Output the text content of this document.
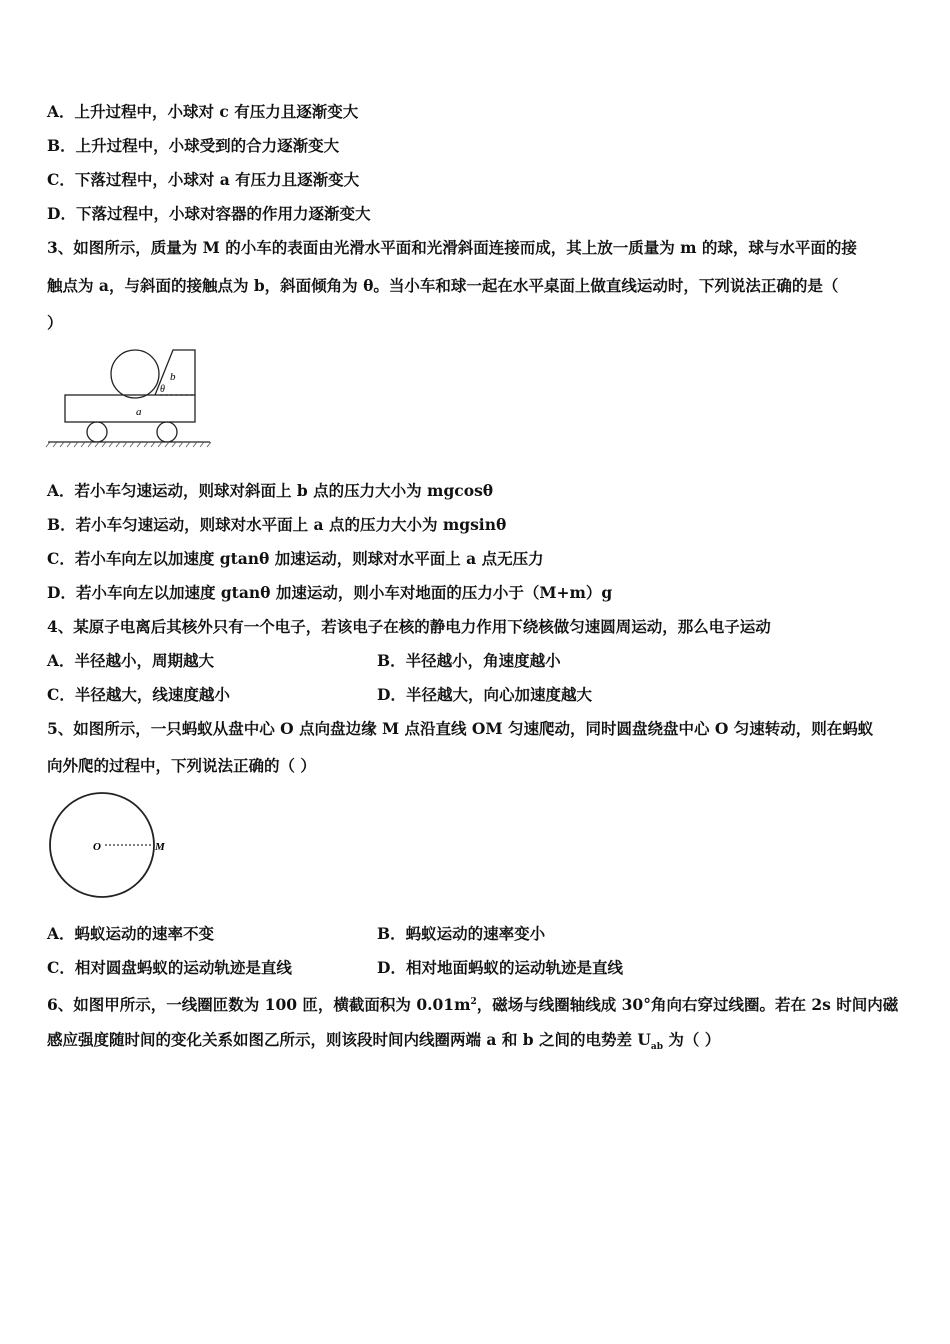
A．上升过程中，小球对 c 有压力且逐渐变大
B．上升过程中，小球受到的合力逐渐变大
C．下落过程中，小球对 a 有压力且逐渐变大
D．下落过程中，小球对容器的作用力逐渐变大
3、如图所示，质量为 M 的小车的表面由光滑水平面和光滑斜面连接而成，其上放一质量为 m 的球，球与水平面的接
触点为 a，与斜面的接触点为 b，斜面倾角为 θ。当小车和球一起在水平桌面上做直线运动时，下列说法正确的是（
）
a
b
θ
A．若小车匀速运动，则球对斜面上 b 点的压力大小为 mgcosθ
B．若小车匀速运动，则球对水平面上 a 点的压力大小为 mgsinθ
C．若小车向左以加速度 gtanθ 加速运动，则球对水平面上 a 点无压力
D．若小车向左以加速度 gtanθ 加速运动，则小车对地面的压力小于（M+m）g
4、某原子电离后其核外只有一个电子，若该电子在核的静电力作用下绕核做匀速圆周运动，那么电子运动
A．半径越小，周期越大	B．半径越小，角速度越小
C．半径越大，线速度越小	D．半径越大，向心加速度越大
5、如图所示，一只蚂蚁从盘中心 O 点向盘边缘 M 点沿直线 OM 匀速爬动，同时圆盘绕盘中心 O 匀速转动，则在蚂蚁
向外爬的过程中，下列说法正确的（ ）
O	M
A．蚂蚁运动的速率不变	B．蚂蚁运动的速率变小
C．相对圆盘蚂蚁的运动轨迹是直线	D．相对地面蚂蚁的运动轨迹是直线
6、如图甲所示，一线圈匝数为 100 匝，横截面积为 $0.01m^2$，磁场与线圈轴线成 30°角向右穿过线圈。若在 2s 时间内磁
感应强度随时间的变化关系如图乙所示，则该段时间内线圈两端 a 和 b 之间的电势差 $U_{ab}$ 为（ ）
